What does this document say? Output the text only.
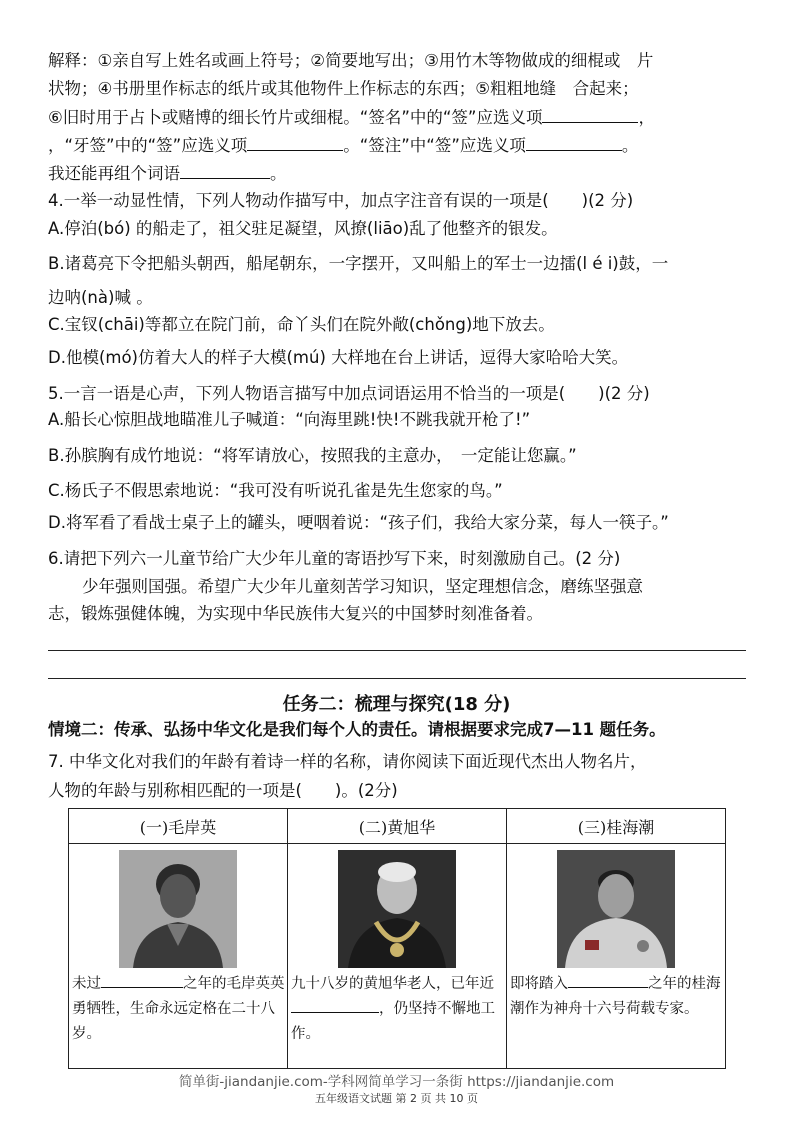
解释：①亲自写上姓名或画上符号；②简要地写出；③用竹木等物做成的细棍或　片
状物；④书册里作标志的纸片或其他物件上作标志的东西；⑤粗粗地缝　合起来；
⑥旧时用于占卜或赌博的细长竹片或细棍。“签名”中的“签”应选义项	，
，“牙签”中的“签”应选义项	。“签注”中“签”应选义项	。
我还能再组个词语	。
4.一举一动显性情，下列人物动作描写中，加点字注音有误的一项是(　　)(2 分)
A.停泊(bó) 的船走了，祖父驻足凝望，风撩(liāo)乱了他整齐的银发。
B.诸葛亮下令把船头朝西，船尾朝东，一字摆开，又叫船上的军士一边擂(l é i)鼓，一
边呐(nà)喊 。
C.宝钗(chāi)等都立在院门前，命丫头们在院外敞(chǒng)地下放去。
D.他模(mó)仿着大人的样子大模(mú) 大样地在台上讲话，逗得大家哈哈大笑。
5.一言一语是心声，下列人物语言描写中加点词语运用不恰当的一项是(　　)(2 分)
A.船长心惊胆战地瞄准儿子喊道：“向海里跳!快!不跳我就开枪了!”
B.孙膑胸有成竹地说：“将军请放心，按照我的主意办，　一定能让您赢。”
C.杨氏子不假思索地说：“我可没有听说孔雀是先生您家的鸟。”
D.将军看了看战士桌子上的罐头，哽咽着说：“孩子们，我给大家分菜，每人一筷子。”
6.请把下列六一儿童节给广大少年儿童的寄语抄写下来，时刻激励自己。(2 分)
少年强则国强。希望广大少年儿童刻苦学习知识，坚定理想信念，磨练坚强意
志，锻炼强健体魄，为实现中华民族伟大复兴的中国梦时刻准备着。
任务二：梳理与探究(18 分)
情境二：传承、弘扬中华文化是我们每个人的责任。请根据要求完成7—11 题任务。
7. 中华文化对我们的年龄有着诗一样的名称，请你阅读下面近现代杰出人物名片，
人物的年龄与别称相匹配的一项是(　　)。(2分)
(一)毛岸英	(二)黄旭华	(三)桂海潮

未过 之年的毛岸英英勇牺牲，生命永远定格在二十八岁。	九十八岁的黄旭华老人，已年近，仍坚持不懈地工作。	即将踏入 之年的桂海潮作为神舟十六号荷载专家。
简单街-jiandanjie.com-学科网简单学习一条街 https://jiandanjie.com
五年级语文试题 第 2 页 共 10 页
